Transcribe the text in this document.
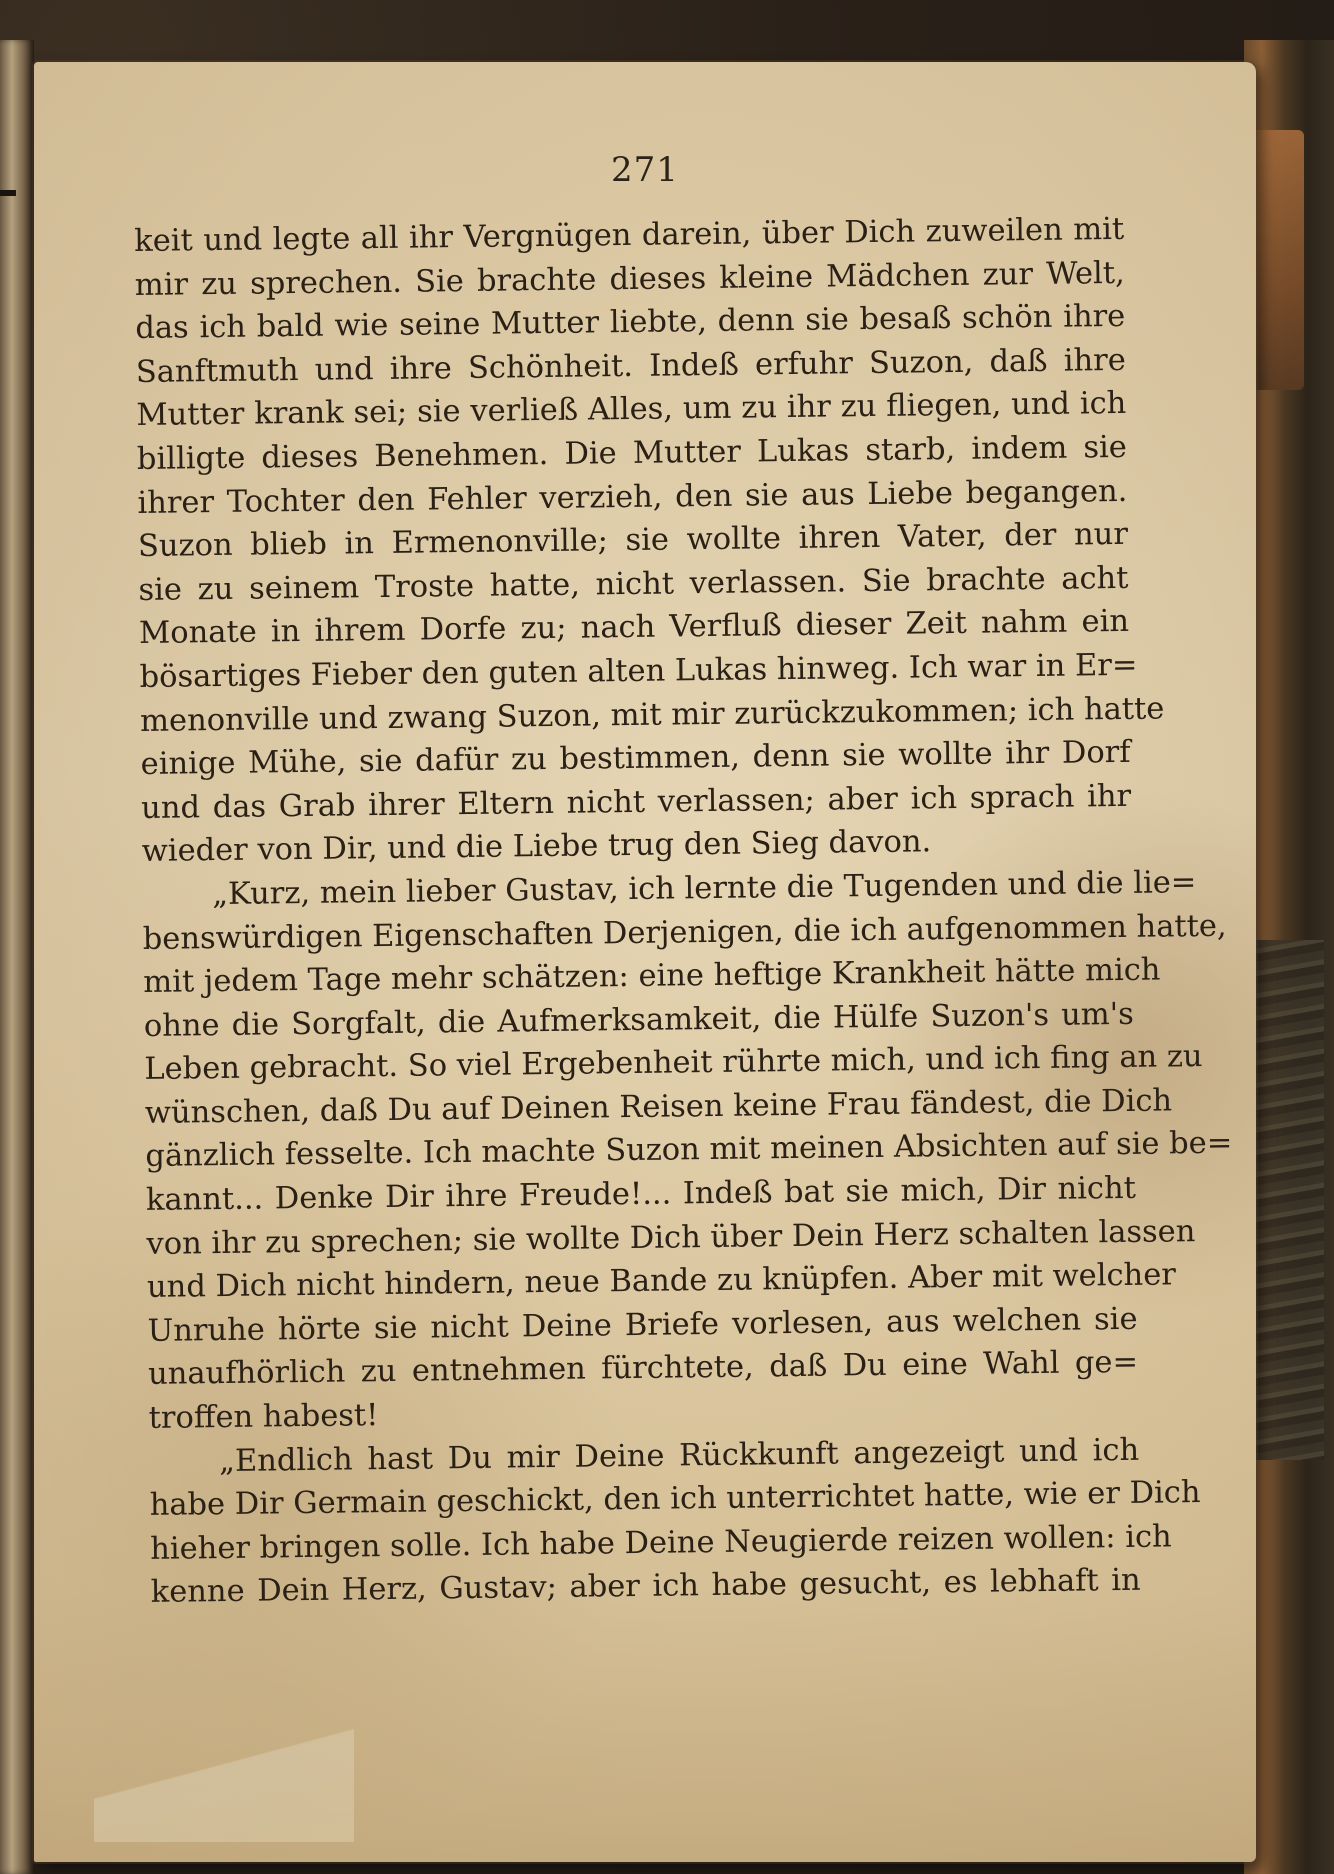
271
keit und legte all ihr Vergnügen darein, über Dich zuweilen mit
mir zu sprechen. Sie brachte dieses kleine Mädchen zur Welt,
das ich bald wie seine Mutter liebte, denn sie besaß schön ihre
Sanftmuth und ihre Schönheit. Indeß erfuhr Suzon, daß ihre
Mutter krank sei; sie verließ Alles, um zu ihr zu fliegen, und ich
billigte dieses Benehmen. Die Mutter Lukas starb, indem sie
ihrer Tochter den Fehler verzieh, den sie aus Liebe begangen.
Suzon blieb in Ermenonville; sie wollte ihren Vater, der nur
sie zu seinem Troste hatte, nicht verlassen. Sie brachte acht
Monate in ihrem Dorfe zu; nach Verfluß dieser Zeit nahm ein
bösartiges Fieber den guten alten Lukas hinweg. Ich war in Er=
menonville und zwang Suzon, mit mir zurückzukommen; ich hatte
einige Mühe, sie dafür zu bestimmen, denn sie wollte ihr Dorf
und das Grab ihrer Eltern nicht verlassen; aber ich sprach ihr
wieder von Dir, und die Liebe trug den Sieg davon.
„Kurz, mein lieber Gustav, ich lernte die Tugenden und die lie=
benswürdigen Eigenschaften Derjenigen, die ich aufgenommen hatte,
mit jedem Tage mehr schätzen: eine heftige Krankheit hätte mich
ohne die Sorgfalt, die Aufmerksamkeit, die Hülfe Suzon's um's
Leben gebracht. So viel Ergebenheit rührte mich, und ich fing an zu
wünschen, daß Du auf Deinen Reisen keine Frau fändest, die Dich
gänzlich fesselte. Ich machte Suzon mit meinen Absichten auf sie be=
kannt... Denke Dir ihre Freude!... Indeß bat sie mich, Dir nicht
von ihr zu sprechen; sie wollte Dich über Dein Herz schalten lassen
und Dich nicht hindern, neue Bande zu knüpfen. Aber mit welcher
Unruhe hörte sie nicht Deine Briefe vorlesen, aus welchen sie
unaufhörlich zu entnehmen fürchtete, daß Du eine Wahl ge=
troffen habest!
„Endlich hast Du mir Deine Rückkunft angezeigt und ich
habe Dir Germain geschickt, den ich unterrichtet hatte, wie er Dich
hieher bringen solle. Ich habe Deine Neugierde reizen wollen: ich
kenne Dein Herz, Gustav; aber ich habe gesucht, es lebhaft in
